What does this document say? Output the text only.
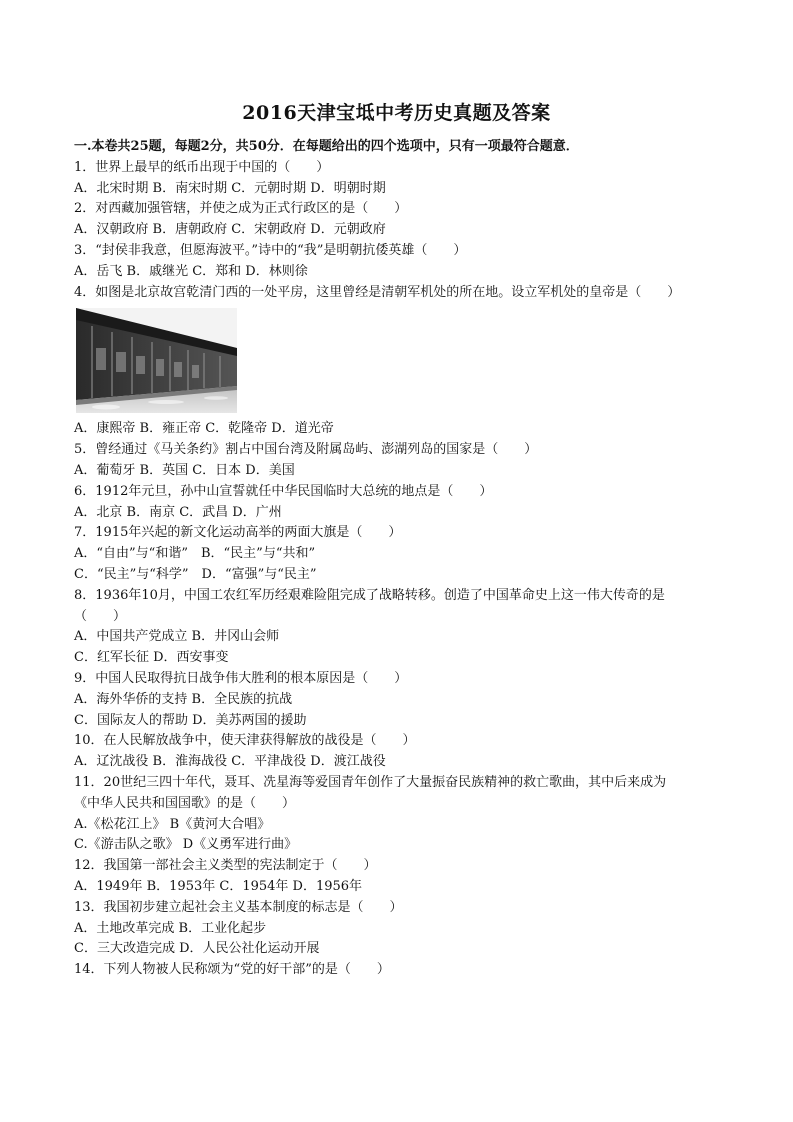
2016天津宝坻中考历史真题及答案
一.本卷共25题，每题2分，共50分．在每题给出的四个选项中，只有一项最符合题意．
1．世界上最早的纸币出现于中国的（　　）
A．北宋时期 B．南宋时期 C．元朝时期 D．明朝时期
2．对西藏加强管辖，并使之成为正式行政区的是（　　）
A．汉朝政府 B．唐朝政府 C．宋朝政府 D．元朝政府
3．“封侯非我意，但愿海波平。”诗中的“我”是明朝抗倭英雄（　　）
A．岳飞 B．戚继光 C．郑和 D．林则徐
4．如图是北京故宫乾清门西的一处平房，这里曾经是清朝军机处的所在地。设立军机处的皇帝是（　　）
A．康熙帝 B．雍正帝 C．乾隆帝 D．道光帝
5．曾经通过《马关条约》割占中国台湾及附属岛屿、澎湖列岛的国家是（　　）
A．葡萄牙 B．英国 C．日本 D．美国
6．1912年元旦，孙中山宣誓就任中华民国临时大总统的地点是（　　）
A．北京 B．南京 C．武昌 D．广州
7．1915年兴起的新文化运动高举的两面大旗是（　　）
A．“自由”与“和谐”　B．“民主”与“共和”
C．“民主”与“科学”　D．“富强”与“民主”
8．1936年10月，中国工农红军历经艰难险阻完成了战略转移。创造了中国革命史上这一伟大传奇的是
（　　）
A．中国共产党成立 B．井冈山会师
C．红军长征 D．西安事变
9．中国人民取得抗日战争伟大胜利的根本原因是（　　）
A．海外华侨的支持 B．全民族的抗战
C．国际友人的帮助 D．美苏两国的援助
10．在人民解放战争中，使天津获得解放的战役是（　　）
A．辽沈战役 B．淮海战役 C．平津战役 D．渡江战役
11．20世纪三四十年代，聂耳、冼星海等爱国青年创作了大量振奋民族精神的救亡歌曲，其中后来成为
《中华人民共和国国歌》的是（　　）
A.《松花江上》 B《黄河大合唱》
C.《游击队之歌》 D《义勇军进行曲》
12．我国第一部社会主义类型的宪法制定于（　　）
A．1949年 B．1953年 C．1954年 D．1956年
13．我国初步建立起社会主义基本制度的标志是（　　）
A．土地改革完成 B．工业化起步
C．三大改造完成 D．人民公社化运动开展
14．下列人物被人民称颂为“党的好干部”的是（　　）
